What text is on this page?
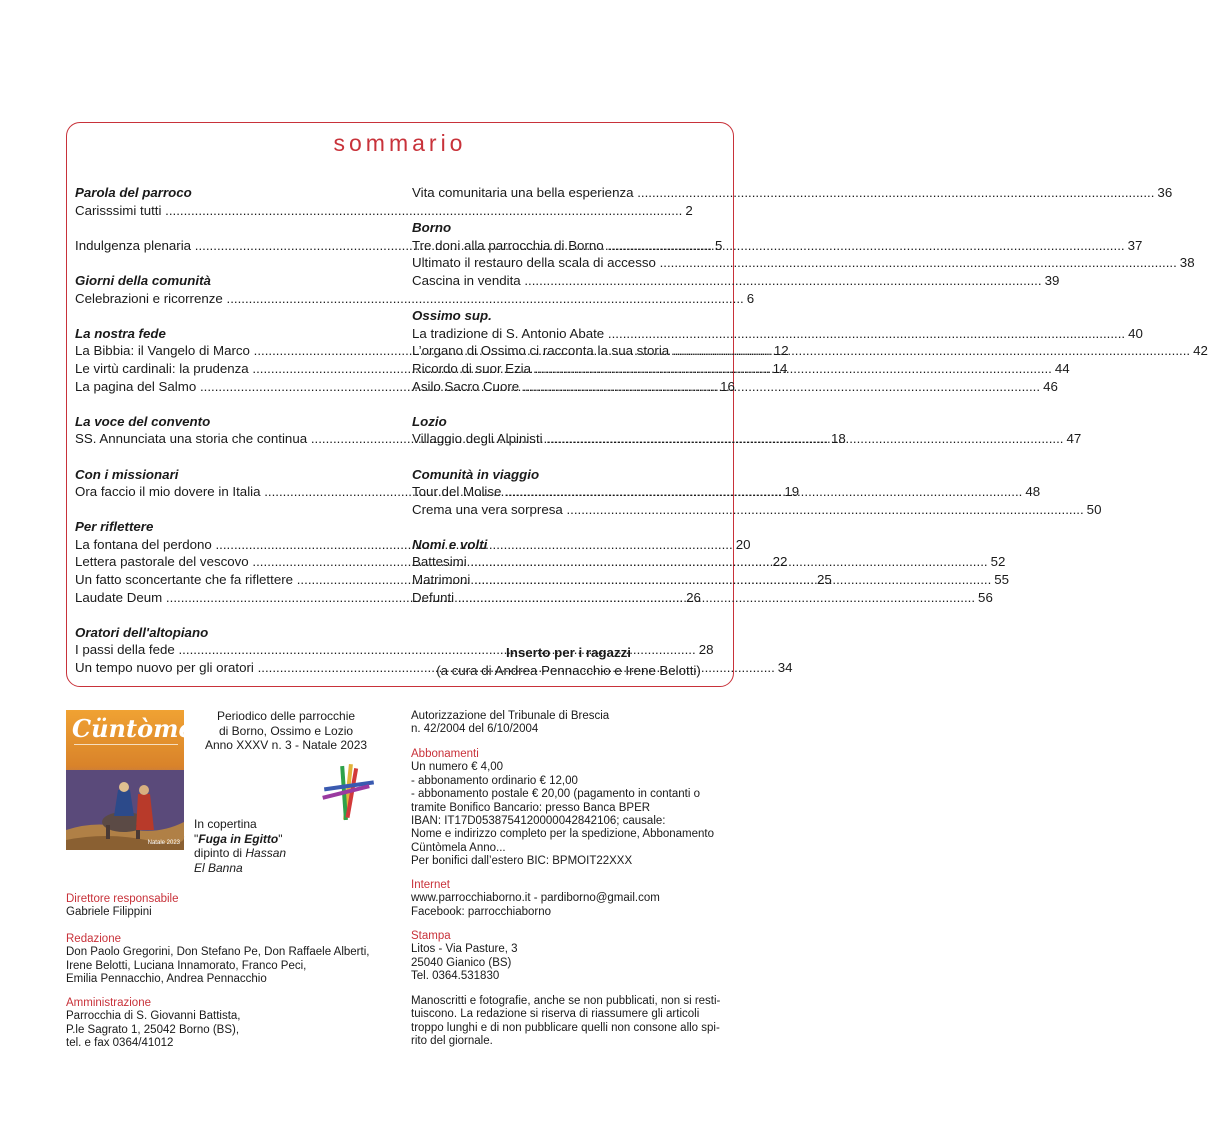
sommario
Parola del parroco
Carisssimi tutti .....	2
Indulgenza plenaria .....	5
Giorni della comunità
Celebrazioni e ricorrenze .....	6
La nostra fede
La Bibbia: il Vangelo di Marco .....	12
Le virtù cardinali: la prudenza .....	14
La pagina del Salmo .....	16
La voce del convento
SS. Annunciata una storia che continua .....	18
Con i missionari
Ora faccio il mio dovere in Italia .....	19
Per riflettere
La fontana del perdono .....	20
Lettera pastorale del vescovo .....	22
Un fatto sconcertante che fa riflettere .....	25
Laudate Deum .....	26
Oratori dell'altopiano
I passi della fede .....	28
Un tempo nuovo per gli oratori .....	34
Vita comunitaria una bella esperienza .....	36
Borno
Tre doni alla parrocchia di Borno .....	37
Ultimato il restauro della scala di accesso .....	38
Cascina in vendita .....	39
Ossimo sup.
La tradizione di S. Antonio Abate .....	40
L’organo di Ossimo ci racconta la sua storia .....	42
Ricordo di suor Ezia .....	44
Asilo Sacro Cuore .....	46
Lozio
Villaggio degli Alpinisti .....	47
Comunità in viaggio
Tour del Molise .....	48
Crema una vera sorpresa .....	50
Nomi e volti
Battesimi .....	52
Matrimoni .....	55
Defunti .....	56
Inserto per i ragazzi
(a cura di Andrea Pennacchio e Irene Belotti)
Cüntòmela
Natale 2023
Periodico delle parrocchie
di Borno, Ossimo e Lozio
Anno XXXV n. 3 - Natale 2023
In copertina
"Fuga in Egitto"
dipinto di Hassan
El Banna
Direttore responsabile
Gabriele Filippini
Redazione
Don Paolo Gregorini, Don Stefano Pe, Don Raffaele Alberti,
Irene Belotti, Luciana Innamorato, Franco Peci,
Emilia Pennacchio, Andrea Pennacchio
Amministrazione
Parrocchia di S. Giovanni Battista,
P.le Sagrato 1, 25042 Borno (BS),
tel. e fax 0364/41012
Autorizzazione del Tribunale di Brescia
n. 42/2004 del 6/10/2004
Abbonamenti
Un numero € 4,00
- abbonamento ordinario € 12,00
- abbonamento postale € 20,00 (pagamento in contanti o
tramite Bonifico Bancario: presso Banca BPER
IBAN: IT17D0538754120000042842106; causale:
Nome e indirizzo completo per la spedizione, Abbonamento
Cüntòmela Anno...
Per bonifici dall’estero BIC: BPMOIT22XXX
Internet
www.parrocchiaborno.it - pardiborno@gmail.com
Facebook: parrocchiaborno
Stampa
Litos - Via Pasture, 3
25040 Gianico (BS)
Tel. 0364.531830
Manoscritti e fotografie, anche se non pubblicati, non si resti-
tuiscono. La redazione si riserva di riassumere gli articoli
troppo lunghi e di non pubblicare quelli non consone allo spi-
rito del giornale.
